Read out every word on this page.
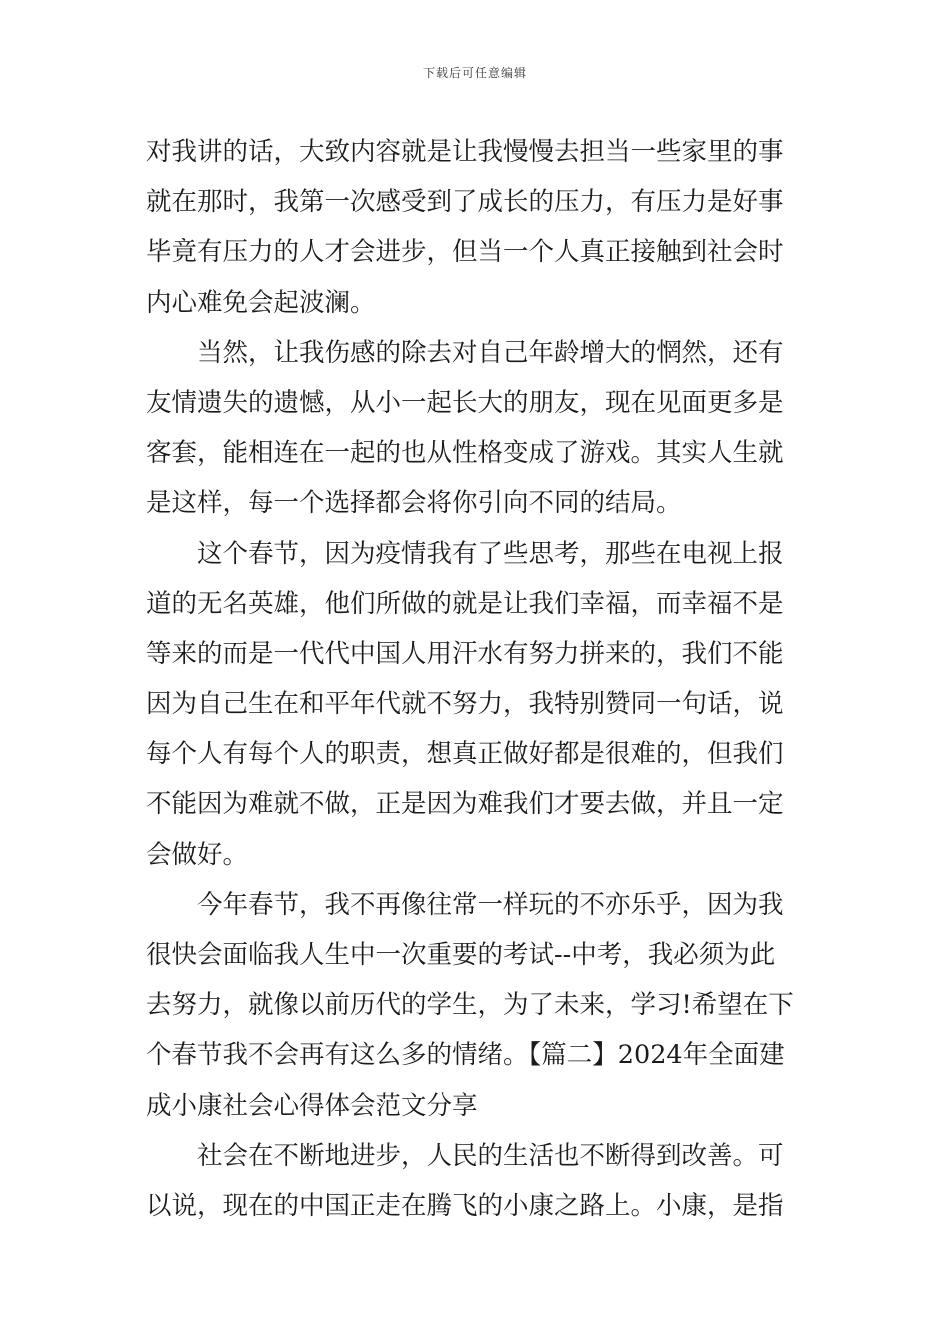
下载后可任意编辑

对我讲的话，大致内容就是让我慢慢去担当一些家里的事
就在那时，我第一次感受到了成长的压力，有压力是好事
毕竟有压力的人才会进步，但当一个人真正接触到社会时
内心难免会起波澜。

当然，让我伤感的除去对自己年龄增大的惘然，还有
友情遗失的遗憾，从小一起长大的朋友，现在见面更多是
客套，能相连在一起的也从性格变成了游戏。其实人生就
是这样，每一个选择都会将你引向不同的结局。

这个春节，因为疫情我有了些思考，那些在电视上报
道的无名英雄，他们所做的就是让我们幸福，而幸福不是
等来的而是一代代中国人用汗水有努力拼来的，我们不能
因为自己生在和平年代就不努力，我特别赞同一句话，说
每个人有每个人的职责，想真正做好都是很难的，但我们
不能因为难就不做，正是因为难我们才要去做，并且一定
会做好。

今年春节，我不再像往常一样玩的不亦乐乎，因为我
很快会面临我人生中一次重要的考试--中考，我必须为此
去努力，就像以前历代的学生，为了未来，学习!希望在下
个春节我不会再有这么多的情绪。【篇二】2024年全面建
成小康社会心得体会范文分享

社会在不断地进步，人民的生活也不断得到改善。可
以说，现在的中国正走在腾飞的小康之路上。小康，是指
